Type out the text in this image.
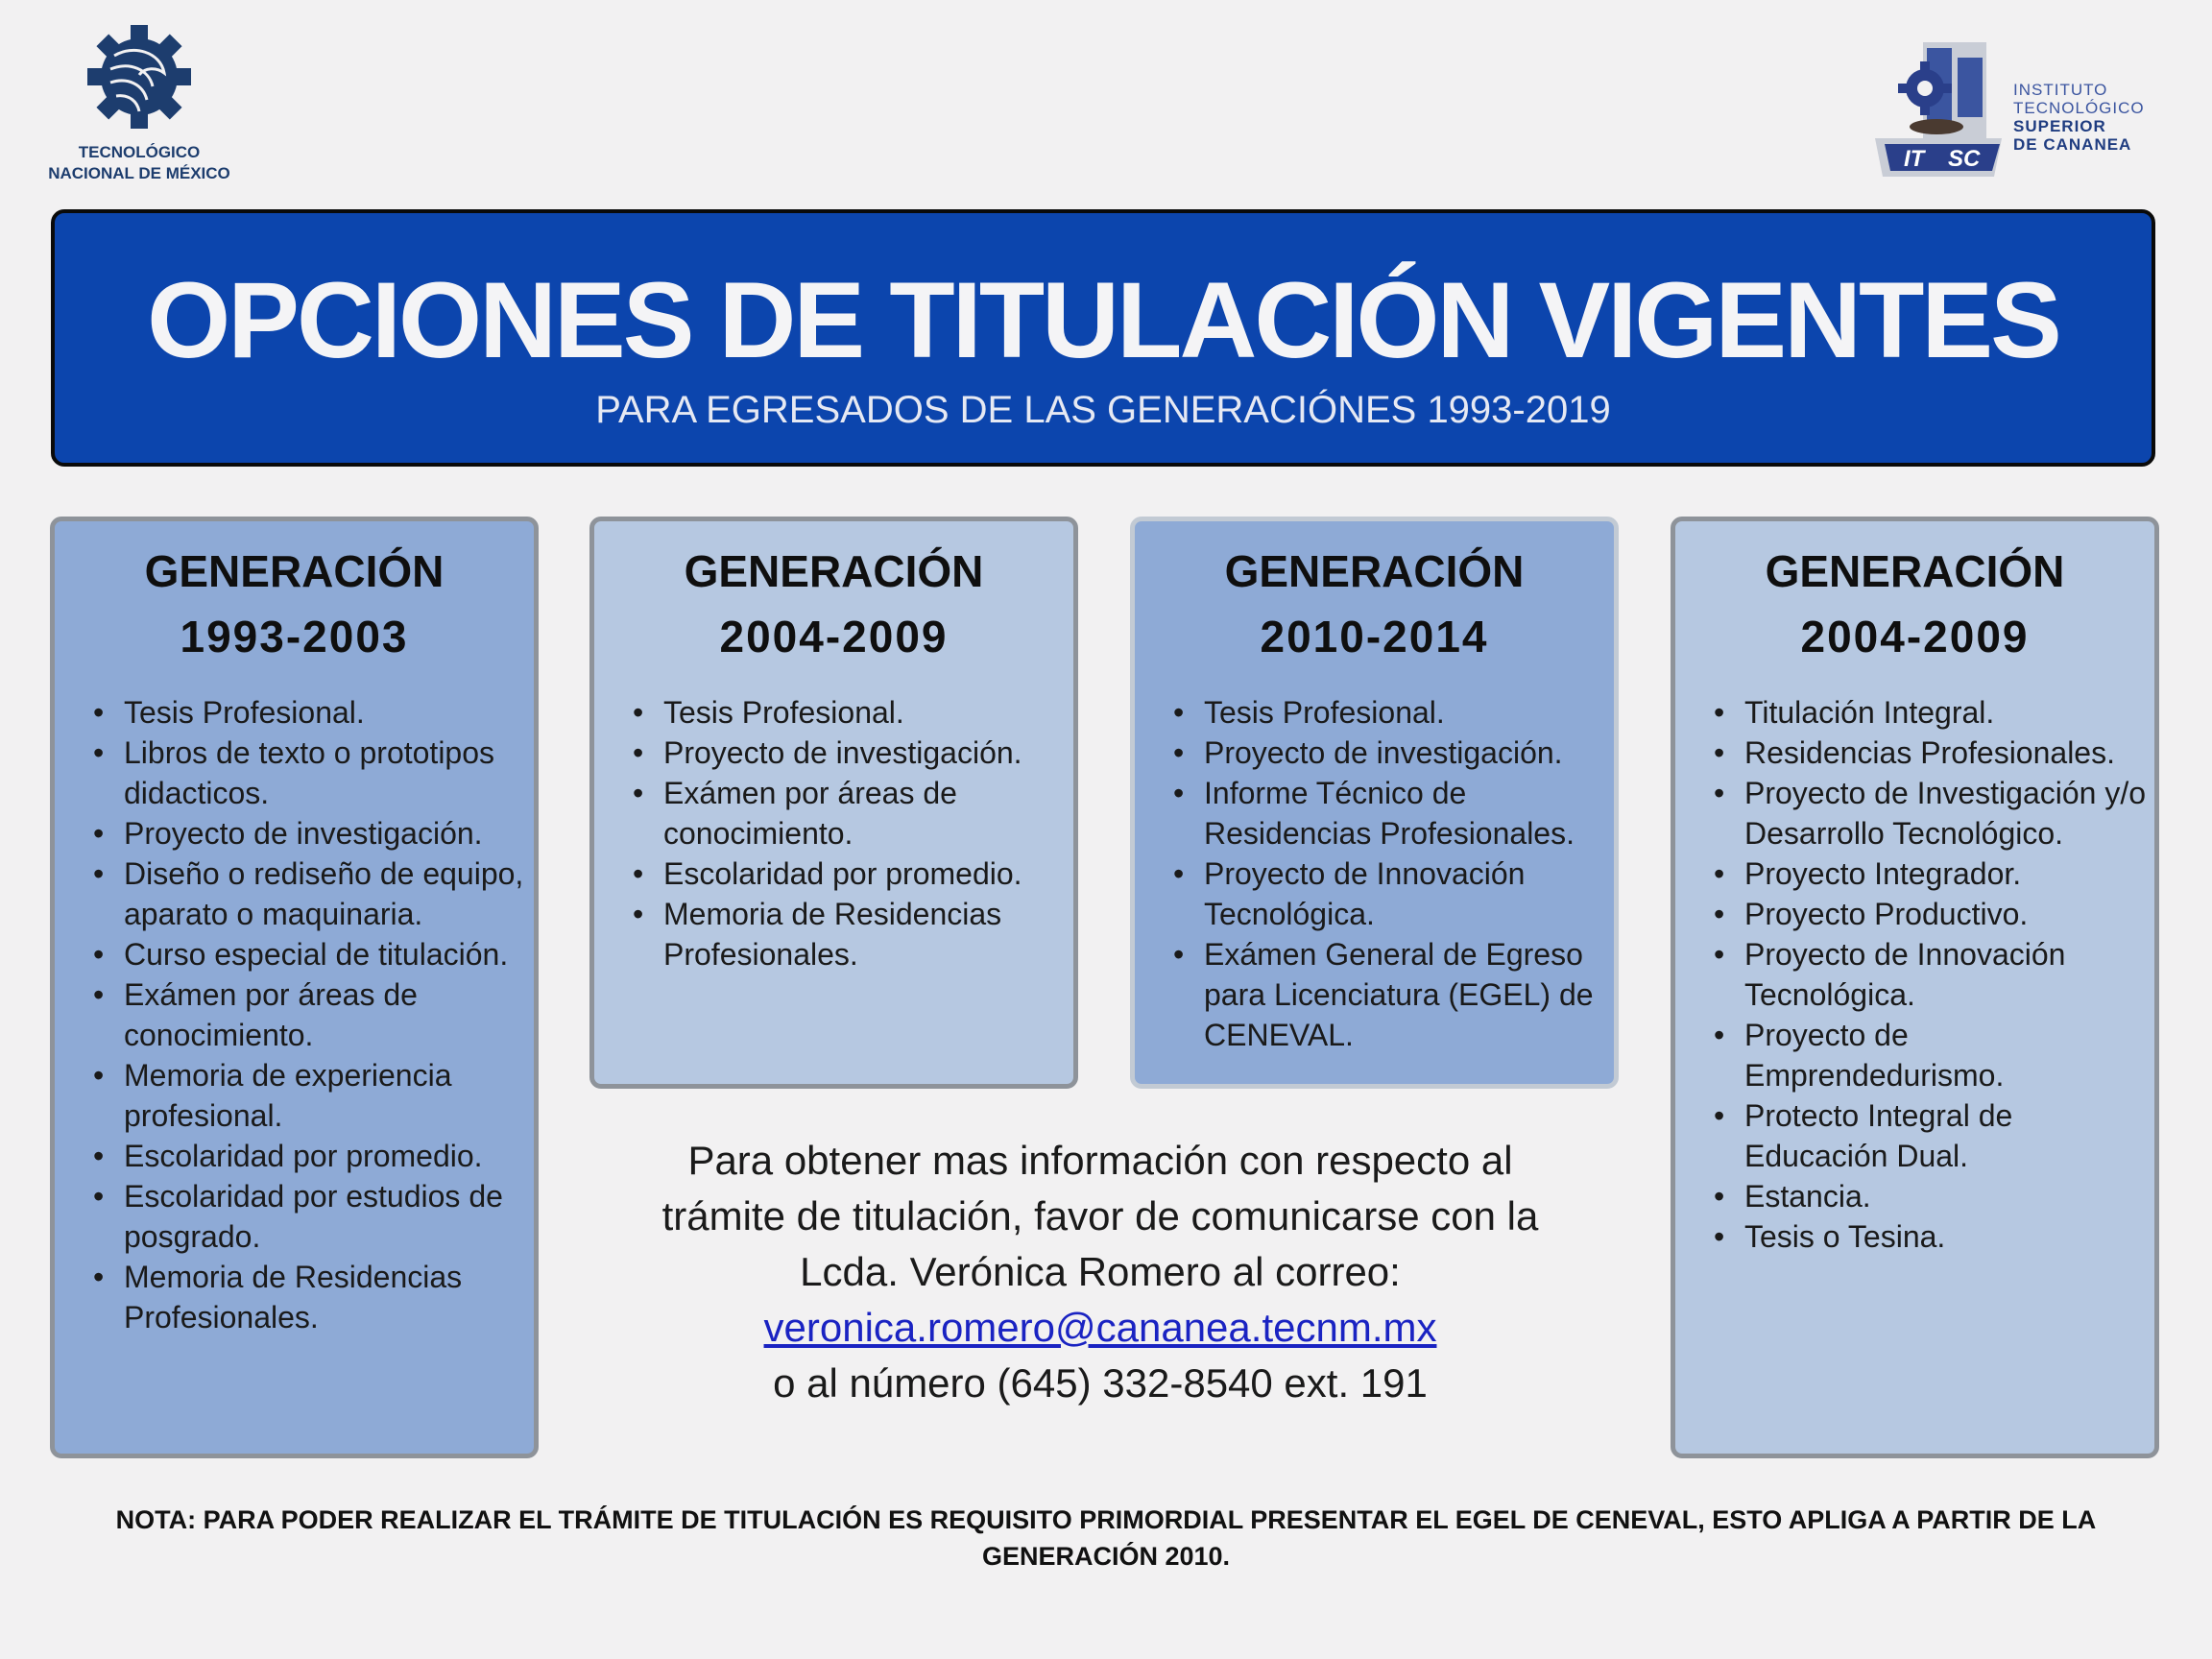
TECNOLÓGICO
NACIONAL DE MÉXICO
IT SC
INSTITUTO
TECNOLÓGICO
SUPERIOR
DE CANANEA
OPCIONES DE TITULACIÓN VIGENTES
PARA EGRESADOS DE LAS GENERACIÓNES 1993-2019
GENERACIÓN
1993-2003
• Tesis Profesional.
• Libros de texto o prototipos didacticos.
• Proyecto de investigación.
• Diseño o rediseño de equipo, aparato o maquinaria.
• Curso especial de titulación.
• Exámen por áreas de conocimiento.
• Memoria de experiencia profesional.
• Escolaridad por promedio.
• Escolaridad por estudios de posgrado.
• Memoria de Residencias Profesionales.
GENERACIÓN
2004-2009
• Tesis Profesional.
• Proyecto de investigación.
• Exámen por áreas de conocimiento.
• Escolaridad por promedio.
• Memoria de Residencias Profesionales.
GENERACIÓN
2010-2014
• Tesis Profesional.
• Proyecto de investigación.
• Informe Técnico de Residencias Profesionales.
• Proyecto de Innovación Tecnológica.
• Exámen General de Egreso para Licenciatura (EGEL) de CENEVAL.
GENERACIÓN
2004-2009
• Titulación Integral.
• Residencias Profesionales.
• Proyecto de Investigación y/o Desarrollo Tecnológico.
• Proyecto Integrador.
• Proyecto Productivo.
• Proyecto de Innovación Tecnológica.
• Proyecto de Emprendedurismo.
• Protecto Integral de Educación Dual.
• Estancia.
• Tesis o Tesina.
Para obtener mas información con respecto al
trámite de titulación, favor de comunicarse con la
Lcda. Verónica Romero al correo:
veronica.romero@cananea.tecnm.mx
o al número (645) 332-8540 ext. 191
NOTA: PARA PODER REALIZAR EL TRÁMITE DE TITULACIÓN ES REQUISITO PRIMORDIAL PRESENTAR EL EGEL DE CENEVAL, ESTO APLIGA A PARTIR DE LA GENERACIÓN 2010.
